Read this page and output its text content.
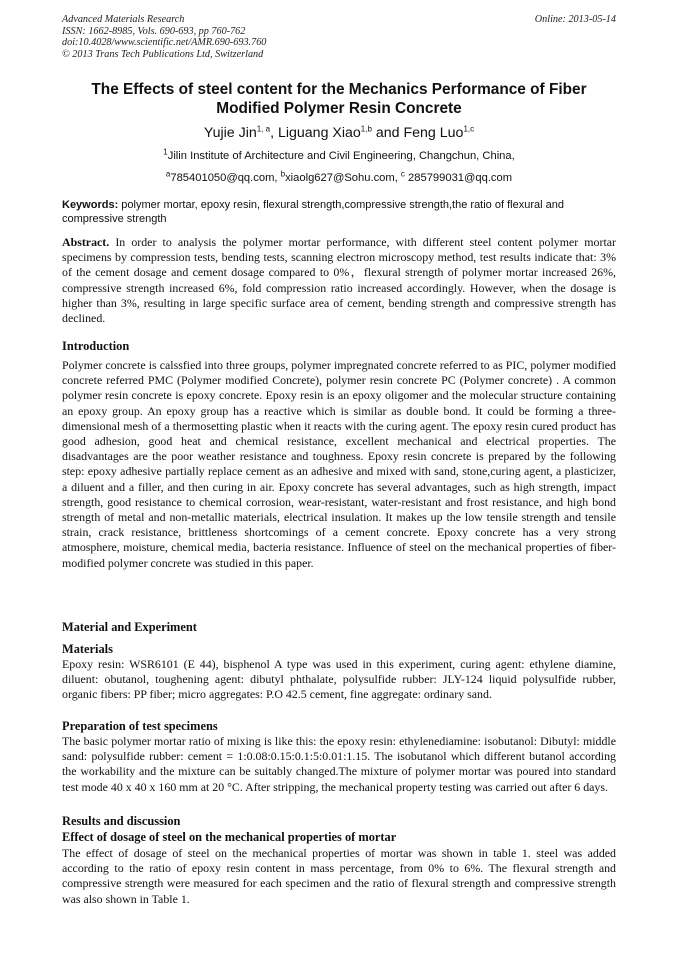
Advanced Materials Research
ISSN: 1662-8985, Vols. 690-693, pp 760-762
doi:10.4028/www.scientific.net/AMR.690-693.760
© 2013 Trans Tech Publications Ltd, Switzerland
Online: 2013-05-14
The Effects of steel content for the Mechanics Performance of Fiber
Modified Polymer Resin Concrete
Yujie Jin$^{1, a}$, Liguang Xiao$^{1,b}$ and Feng Luo$^{1,c}$
$^1$Jilin Institute of Architecture and Civil Engineering, Changchun, China,
$^a$785401050@qq.com, $^b$xiaolg627@Sohu.com, $^c$ 285799031@qq.com
Keywords: polymer mortar, epoxy resin, flexural strength,compressive strength,the ratio of flexural and compressive strength

Abstract. In order to analysis the polymer mortar performance, with different steel content polymer mortar specimens by compression tests, bending tests, scanning electron microscopy method, test results indicate that: 3% of the cement dosage and cement dosage compared to 0%，flexural strength of polymer mortar increased 26%, compressive strength increased 6%, fold compression ratio increased accordingly. However, when the dosage is higher than 3%, resulting in large specific surface area of cement, bending strength and compressive strength has declined.

Introduction

Polymer concrete is calssfied into three groups, polymer impregnated concrete referred to as PIC, polymer modified concrete referred PMC (Polymer modified Concrete), polymer resin concrete PC (Polymer concrete) . A common polymer resin concrete is epoxy concrete. Epoxy resin is an epoxy oligomer and the molecular structure containing an epoxy group. An epoxy group has a reactive which is similar as double bond. It could be forming a three-dimensional mesh of a thermosetting plastic when it reacts with the curing agent. The epoxy resin cured product has good adhesion, good heat and chemical resistance, excellent mechanical and electrical properties. The disadvantages are the poor weather resistance and toughness. Epoxy resin concrete is prepared by the following step: epoxy adhesive partially replace cement as an adhesive and mixed with sand, stone,curing agent, a plasticizer, a diluent and a filler, and then curing in air. Epoxy concrete has several advantages, such as high strength, impact strength, good resistance to chemical corrosion, wear-resistant, water-resistant and frost resistance, and high bond strength of metal and non-metallic materials, electrical insulation. It makes up the low tensile strength and tensile strain, crack resistance, brittleness shortcomings of a cement concrete. Epoxy concrete has a very strong atmosphere, moisture, chemical media, bacteria resistance. Influence of steel on the mechanical properties of fiber-modified polymer concrete was studied in this paper.

Material and Experiment
Materials

Epoxy resin: WSR6101 (E 44), bisphenol A type was used in this experiment, curing agent: ethylene diamine, diluent: obutanol, toughening agent: dibutyl phthalate, polysulfide rubber: JLY-124 liquid polysulfide rubber, organic fibers: PP fiber; micro aggregates: P.O 42.5 cement, fine aggregate: ordinary sand.

Preparation of test specimens

The basic polymer mortar ratio of mixing is like this: the epoxy resin: ethylenediamine: isobutanol: Dibutyl: middle sand: polysulfide rubber: cement = 1:0.08:0.15:0.1:5:0.01:1.15. The isobutanol which different butanol according the workability and the mixture can be suitably changed.The mixture of polymer mortar was poured into standard test mode 40 x 40 x 160 mm at 20 °C. After stripping, the mechanical property testing was carried out after 6 days.

Results and discussion
Effect of dosage of steel on the mechanical properties of mortar

The effect of dosage of steel on the mechanical properties of mortar was shown in table 1. steel was added according to the ratio of epoxy resin content in mass percentage, from 0% to 6%. The flexural strength and compressive strength were measured for each specimen and the ratio of flexural strength and compressive strength was also shown in Table 1.
